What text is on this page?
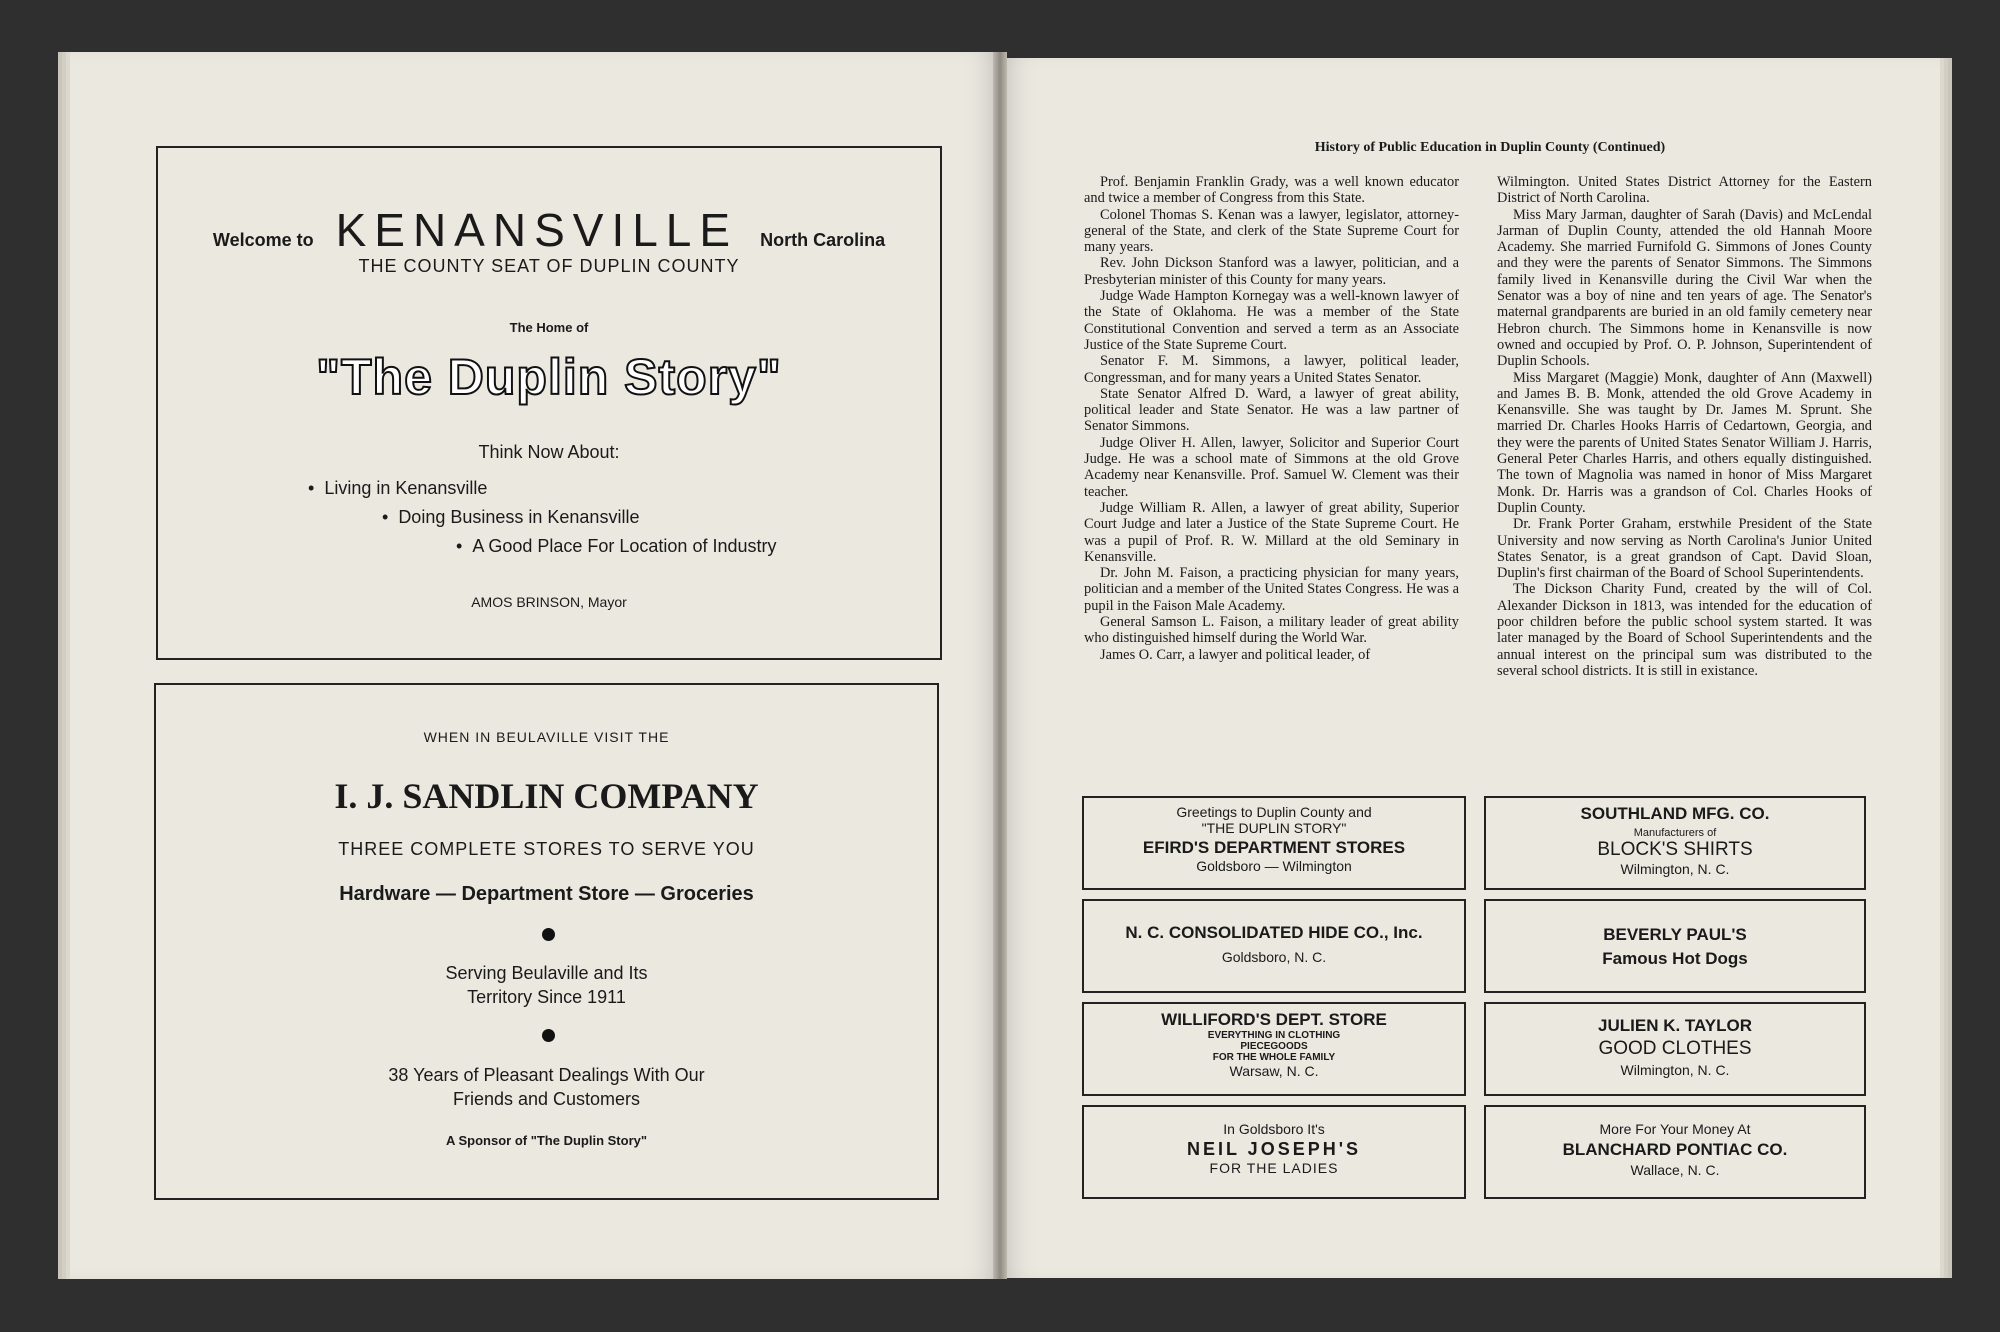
Welcome to KENANSVILLE North Carolina
THE COUNTY SEAT OF DUPLIN COUNTY
The Home of
"The Duplin Story"
Think Now About:
•  Living in Kenansville
•  Doing Business in Kenansville
•  A Good Place For Location of Industry
AMOS BRINSON, Mayor
WHEN IN BEULAVILLE VISIT THE
I. J. SANDLIN COMPANY
THREE COMPLETE STORES TO SERVE YOU
Hardware — Department Store — Groceries
Serving Beulaville and Its
Territory Since 1911
38 Years of Pleasant Dealings With Our
Friends and Customers
A Sponsor of "The Duplin Story"
History of Public Education in Duplin County (Continued)

Prof. Benjamin Franklin Grady, was a well known educator and twice a member of Congress from this State.

Colonel Thomas S. Kenan was a lawyer, legislator, attorney-general of the State, and clerk of the State Supreme Court for many years.

Rev. John Dickson Stanford was a lawyer, politician, and a Presbyterian minister of this County for many years.

Judge Wade Hampton Kornegay was a well-known lawyer of the State of Oklahoma. He was a member of the State Constitutional Convention and served a term as an Associate Justice of the State Supreme Court.

Senator F. M. Simmons, a lawyer, political leader, Congressman, and for many years a United States Senator.

State Senator Alfred D. Ward, a lawyer of great ability, political leader and State Senator. He was a law partner of Senator Simmons.

Judge Oliver H. Allen, lawyer, Solicitor and Superior Court Judge. He was a school mate of Simmons at the old Grove Academy near Kenansville. Prof. Samuel W. Clement was their teacher.

Judge William R. Allen, a lawyer of great ability, Superior Court Judge and later a Justice of the State Supreme Court. He was a pupil of Prof. R. W. Millard at the old Seminary in Kenansville.

Dr. John M. Faison, a practicing physician for many years, politician and a member of the United States Congress. He was a pupil in the Faison Male Academy.

General Samson L. Faison, a military leader of great ability who distinguished himself during the World War.

James O. Carr, a lawyer and political leader, of

Wilmington. United States District Attorney for the Eastern District of North Carolina.

Miss Mary Jarman, daughter of Sarah (Davis) and McLendal Jarman of Duplin County, attended the old Hannah Moore Academy. She married Furnifold G. Simmons of Jones County and they were the parents of Senator Simmons. The Simmons family lived in Kenansville during the Civil War when the Senator was a boy of nine and ten years of age. The Senator's maternal grandparents are buried in an old family cemetery near Hebron church. The Simmons home in Kenansville is now owned and occupied by Prof. O. P. Johnson, Superintendent of Duplin Schools.

Miss Margaret (Maggie) Monk, daughter of Ann (Maxwell) and James B. B. Monk, attended the old Grove Academy in Kenansville. She was taught by Dr. James M. Sprunt. She married Dr. Charles Hooks Harris of Cedartown, Georgia, and they were the parents of United States Senator William J. Harris, General Peter Charles Harris, and others equally distinguished. The town of Magnolia was named in honor of Miss Margaret Monk. Dr. Harris was a grandson of Col. Charles Hooks of Duplin County.

Dr. Frank Porter Graham, erstwhile President of the State University and now serving as North Carolina's Junior United States Senator, is a great grandson of Capt. David Sloan, Duplin's first chairman of the Board of School Superintendents.

The Dickson Charity Fund, created by the will of Col. Alexander Dickson in 1813, was intended for the education of poor children before the public school system started. It was later managed by the Board of School Superintendents and the annual interest on the principal sum was distributed to the several school districts. It is still in existance.

Greetings to Duplin County and
"THE DUPLIN STORY"
EFIRD'S DEPARTMENT STORES
Goldsboro — Wilmington
SOUTHLAND MFG. CO.
Manufacturers of
BLOCK'S SHIRTS
Wilmington, N. C.
N. C. CONSOLIDATED HIDE CO., Inc.
Goldsboro, N. C.
BEVERLY PAUL'S
Famous Hot Dogs
WILLIFORD'S DEPT. STORE
EVERYTHING IN CLOTHING
PIECEGOODS
FOR THE WHOLE FAMILY
Warsaw, N. C.
JULIEN K. TAYLOR
GOOD CLOTHES
Wilmington, N. C.
In Goldsboro It's
NEIL JOSEPH'S
FOR THE LADIES
More For Your Money At
BLANCHARD PONTIAC CO.
Wallace, N. C.
